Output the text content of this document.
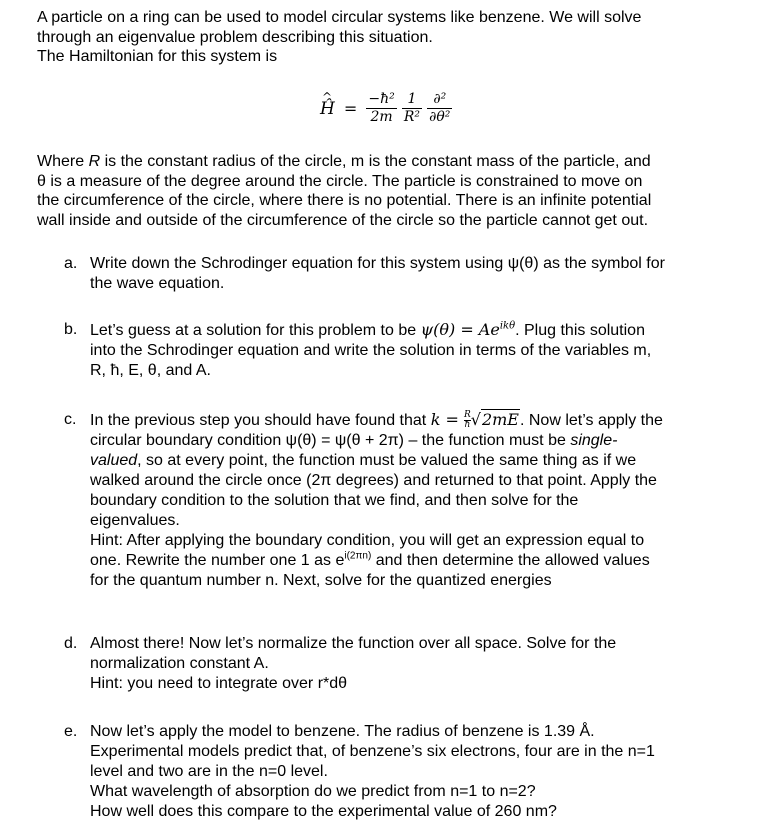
A particle on a ring can be used to model circular systems like benzene. We will solve
through an eigenvalue problem describing this situation.
The Hamiltonian for this system is
^ Ĥ = $\frac{\text{−ħ²}}{2m}$
$\frac{1}{\text{R²}}$
$\frac{\text{∂²}}{\text{∂θ²}}$
Where R is the constant radius of the circle, m is the constant mass of the particle, and
θ is a measure of the degree around the circle. The particle is constrained to move on
the circumference of the circle, where there is no potential. There is an infinite potential
wall inside and outside of the circumference of the circle so the particle cannot get out.
a. Write down the Schrodinger equation for this system using ψ(θ) as the symbol for
the wave equation.
b. Let’s guess at a solution for this problem to be $\psi(\theta) = Ae^{ik\theta}$. Plug this solution
into the Schrodinger equation and write the solution in terms of the variables m,
R, ħ, E, θ, and A.
c. In the previous step you should have found that $k = \frac{R}{ħ} √2mE$. Now let’s apply the
circular boundary condition ψ(θ) = ψ(θ + 2π) – the function must be single-
valued, so at every point, the function must be valued the same thing as if we
walked around the circle once (2π degrees) and returned to that point. Apply the
boundary condition to the solution that we find, and then solve for the
eigenvalues.
Hint: After applying the boundary condition, you will get an expression equal to
one. Rewrite the number one 1 as $e^{i(2\pi n)}$ and then determine the allowed values
for the quantum number n. Next, solve for the quantized energies
d. Almost there! Now let’s normalize the function over all space. Solve for the
normalization constant A.
Hint: you need to integrate over r*dθ
e. Now let’s apply the model to benzene. The radius of benzene is 1.39 Å.
Experimental models predict that, of benzene’s six electrons, four are in the n=1
level and two are in the n=0 level.
What wavelength of absorption do we predict from n=1 to n=2?
How well does this compare to the experimental value of 260 nm?
